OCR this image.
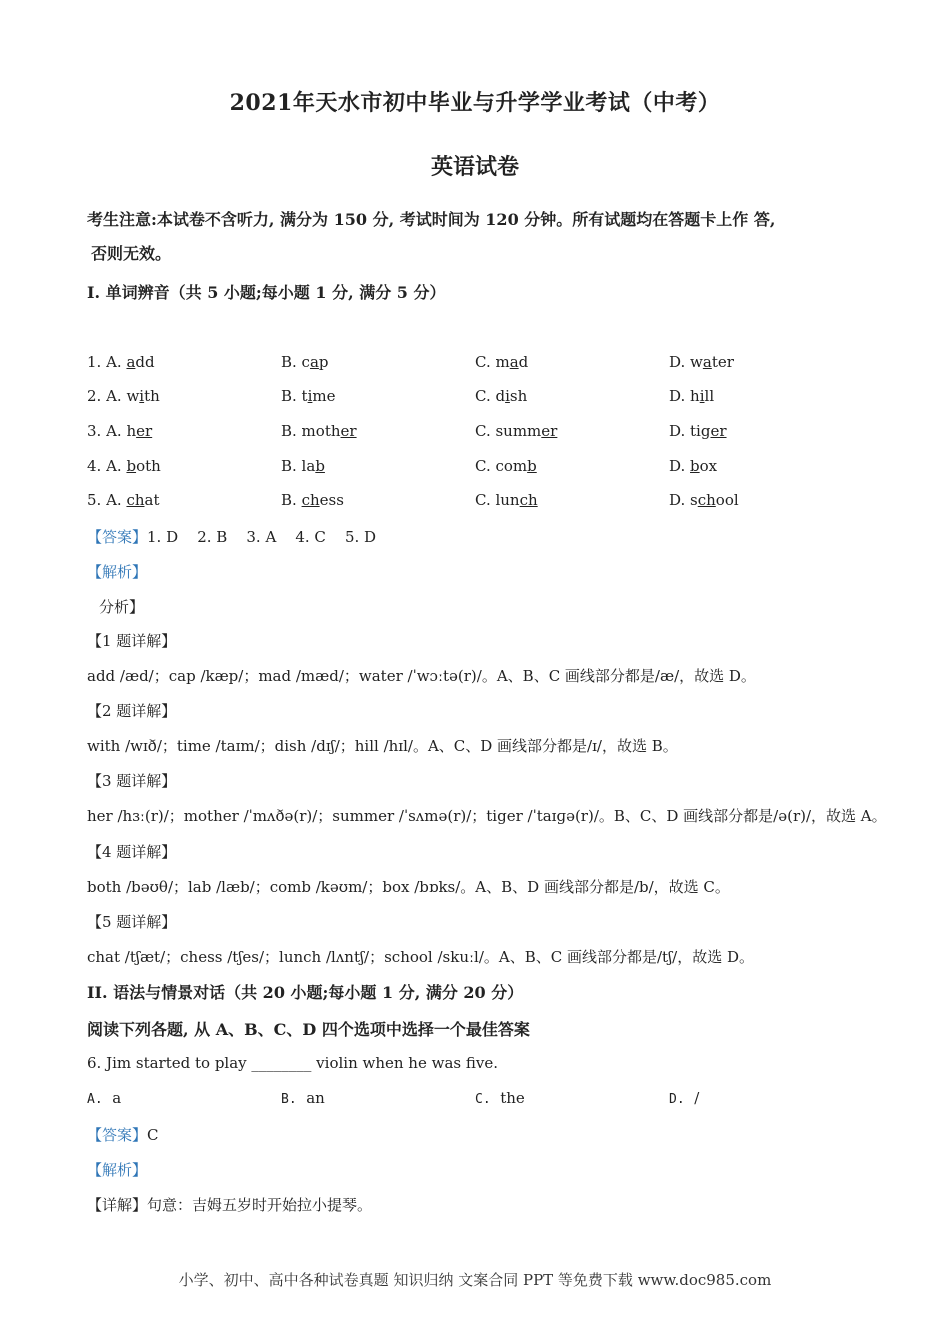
2021年天水市初中毕业与升学学业考试（中考）
英语试卷
考生注意:本试卷不含听力, 满分为 150 分, 考试时间为 120 分钟。所有试题均在答题卡上作 答,
否则无效。
I. 单词辨音（共 5 小题;每小题 1 分, 满分 5 分）
1. A. add	B. cap	C. mad	D. water
2. A. with	B. time	C. dish	D. hill
3. A. her	B. mother	C. summer	D. tiger
4. A. both	B. lab	C. comb	D. box
5. A. chat	B. chess	C. lunch	D. school
【答案】1. D    2. B    3. A    4. C    5. D
【解析】
分析】
【1 题详解】
add /æd/；cap /kæp/；mad /mæd/；water /ˈwɔːtə(r)/。A、B、C 画线部分都是/æ/，故选 D。
【2 题详解】
with /wɪð/；time /taɪm/；dish /dɪʃ/；hill /hɪl/。A、C、D 画线部分都是/ɪ/，故选 B。
【3 题详解】
her /hɜː(r)/；mother /ˈmʌðə(r)/；summer /ˈsʌmə(r)/；tiger /ˈtaɪɡə(r)/。B、C、D 画线部分都是/ə(r)/，故选 A。
【4 题详解】
both /bəʊθ/；lab /læb/；comb /kəʊm/；box /bɒks/。A、B、D 画线部分都是/b/，故选 C。
【5 题详解】
chat /tʃæt/；chess /tʃes/；lunch /lʌntʃ/；school /skuːl/。A、B、C 画线部分都是/tʃ/，故选 D。
II. 语法与情景对话（共 20 小题;每小题 1 分, 满分 20 分）
阅读下列各题, 从 A、B、C、D 四个选项中选择一个最佳答案
6. Jim started to play ________ violin when he was five.
A. a	B. an	C. the	D. /
【答案】C
【解析】
【详解】句意：吉姆五岁时开始拉小提琴。
小学、初中、高中各种试卷真题 知识归纳 文案合同 PPT 等免费下载 www.doc985.com
